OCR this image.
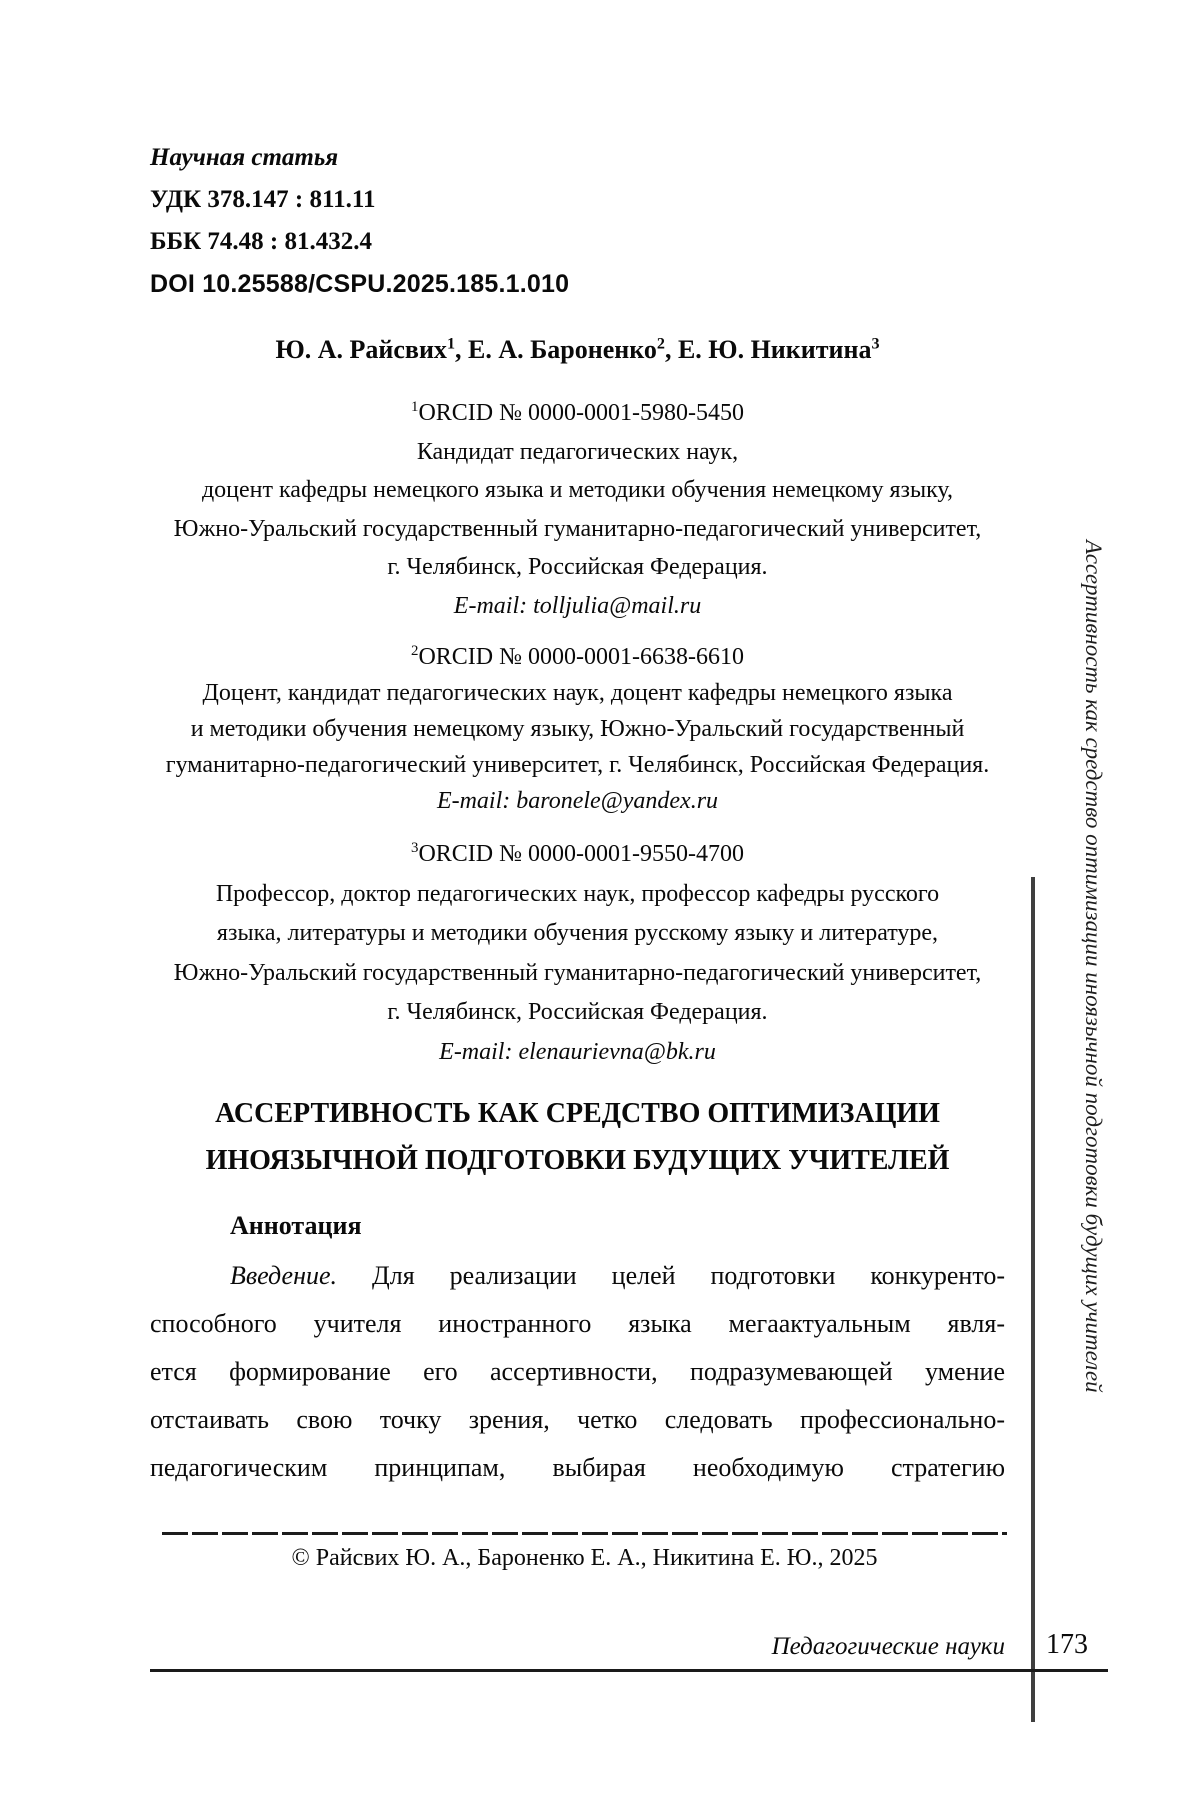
Научная статья
УДК 378.147 : 811.11
ББК 74.48 : 81.432.4
DOI 10.25588/CSPU.2025.185.1.010
Ю. А. Райсвих$^1$, Е. А. Бароненко$^2$, Е. Ю. Никитина$^3$
$^1$ORCID № 0000-0001-5980-5450
Кандидат педагогических наук,
доцент кафедры немецкого языка и методики обучения немецкому языку,
Южно-Уральский государственный гуманитарно-педагогический университет,
г. Челябинск, Российская Федерация.
E-mail: tolljulia@mail.ru
$^2$ORCID № 0000-0001-6638-6610
Доцент, кандидат педагогических наук, доцент кафедры немецкого языка
и методики обучения немецкому языку, Южно-Уральский государственный
гуманитарно-педагогический университет, г. Челябинск, Российская Федерация.
E-mail: baronele@yandex.ru
$^3$ORCID № 0000-0001-9550-4700
Профессор, доктор педагогических наук, профессор кафедры русского
языка, литературы и методики обучения русскому языку и литературе,
Южно-Уральский государственный гуманитарно-педагогический университет,
г. Челябинск, Российская Федерация.
E-mail: elenaurievna@bk.ru
АССЕРТИВНОСТЬ КАК СРЕДСТВО ОПТИМИЗАЦИИ
ИНОЯЗЫЧНОЙ ПОДГОТОВКИ БУДУЩИХ УЧИТЕЛЕЙ
Аннотация
Введение. Для реализации целей подготовки конкуренто-
способного учителя иностранного языка мегаактуальным явля-
ется формирование его ассертивности, подразумевающей умение
отстаивать свою точку зрения, четко следовать профессионально-
педагогическим принципам, выбирая необходимую стратегию
© Райсвих Ю. А., Бароненко Е. А., Никитина Е. Ю., 2025
Ассертивность как средство оптимизации иноязычной подготовки будущих учителей
Педагогические науки 173
